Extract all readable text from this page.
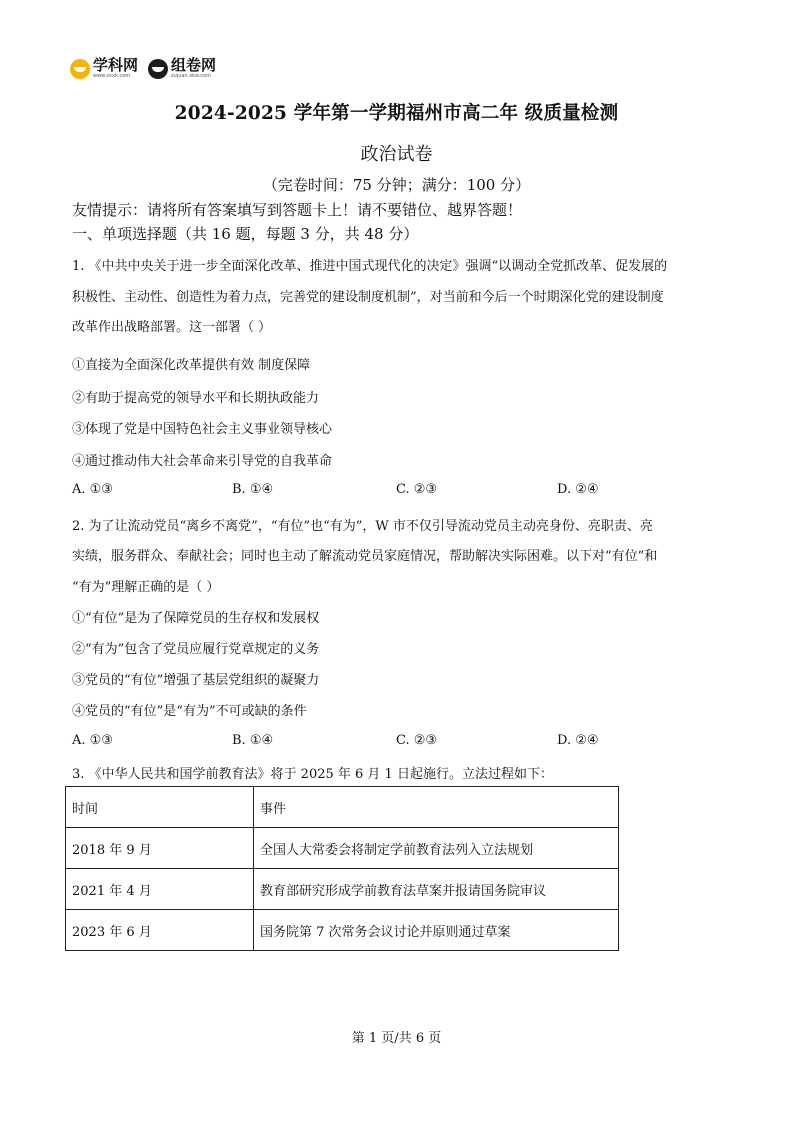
学科网
www.zxxk.com
组卷网
zujuan.xkw.com
2024-2025 学年第一学期福州市高二年 级质量检测
政治试卷
（完卷时间：75 分钟；满分：100 分）
友情提示：请将所有答案填写到答题卡上！请不要错位、越界答题！
一、单项选择题（共 16 题，每题 3 分，共 48 分）
1. 《中共中央关于进一步全面深化改革、推进中国式现代化的决定》强调“以调动全党抓改革、促发展的
积极性、主动性、创造性为着力点，完善党的建设制度机制”，对当前和今后一个时期深化党的建设制度
改革作出战略部署。这一部署（ ）
①直接为全面深化改革提供有效 制度保障
②有助于提高党的领导水平和长期执政能力
③体现了党是中国特色社会主义事业领导核心
④通过推动伟大社会革命来引导党的自我革命
A. ①③	B. ①④	C. ②③	D. ②④
2. 为了让流动党员“离乡不离党”，“有位”也“有为”，W 市不仅引导流动党员主动亮身份、亮职责、亮
实绩，服务群众、奉献社会；同时也主动了解流动党员家庭情况，帮助解决实际困难。以下对“有位”和
“有为”理解正确的是（ ）
①“有位”是为了保障党员的生存权和发展权
②“有为”包含了党员应履行党章规定的义务
③党员的“有位”增强了基层党组织的凝聚力
④党员的“有位”是“有为”不可或缺的条件
A. ①③	B. ①④	C. ②③	D. ②④
3. 《中华人民共和国学前教育法》将于 2025 年 6 月 1 日起施行。立法过程如下：
时间	事件
2018 年 9 月	全国人大常委会将制定学前教育法列入立法规划
2021 年 4 月	教育部研究形成学前教育法草案并报请国务院审议
2023 年 6 月	国务院第 7 次常务会议讨论并原则通过草案
第 1 页/共 6 页
